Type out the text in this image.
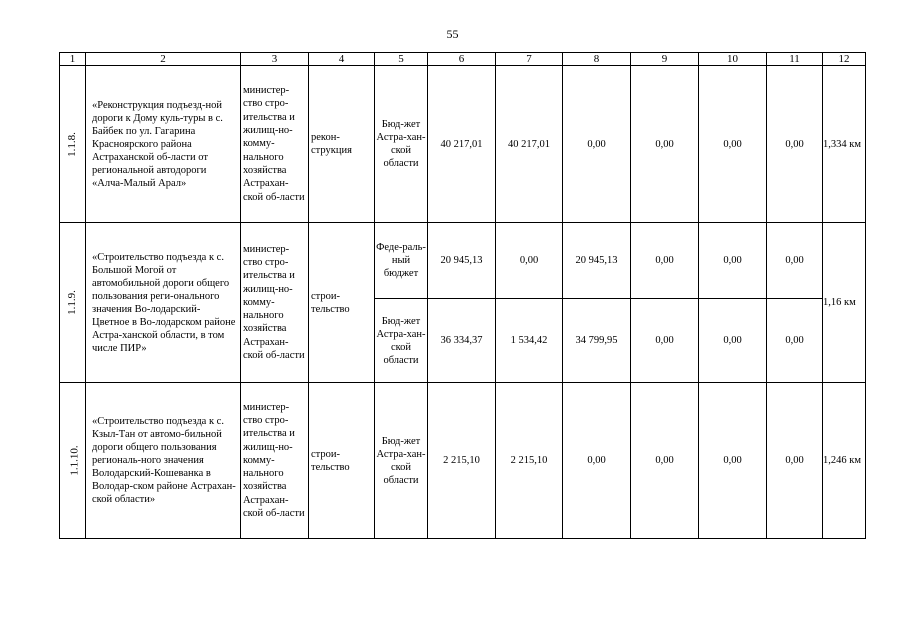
55
1	2	3	4	5	6	7	8	9	10	11	12
1.1.8.	«Реконструкция подъезд-ной дороги к Дому куль-туры в с. Байбек по ул. Гагарина Красноярского района Астраханской об-ласти от региональной автодороги «Алча-Малый Арал»	министер-ство стро-ительства и жилищ-но-комму-нального хозяйства Астрахан-ской об-ласти	рекон-струкция	Бюд-жет Астра-хан-ской области	40 217,01	40 217,01	0,00	0,00	0,00	0,00	1,334 км
1.1.9.	«Строительство подъезда к с. Большой Могой от автомобильной дороги общего пользования реги-онального значения Во-лодарский-Цветное в Во-лодарском районе Астра-ханской области, в том числе ПИР»	министер-ство стро-ительства и жилищ-но-комму-нального хозяйства Астрахан-ской об-ласти	строи-тельство	Феде-раль-ный бюджет	20 945,13	0,00	20 945,13	0,00	0,00	0,00	1,16 км
				Бюд-жет Астра-хан-ской области	36 334,37	1 534,42	34 799,95	0,00	0,00	0,00	
1.1.10.	«Строительство подъезда к с. Кзыл-Тан от автомо-бильной дороги общего пользования региональ-ного значения Володарский-Кошеванка в Володар-ском районе Астрахан-ской области»	министер-ство стро-ительства и жилищ-но-комму-нального хозяйства Астрахан-ской об-ласти	строи-тельство	Бюд-жет Астра-хан-ской области	2 215,10	2 215,10	0,00	0,00	0,00	0,00	1,246 км
